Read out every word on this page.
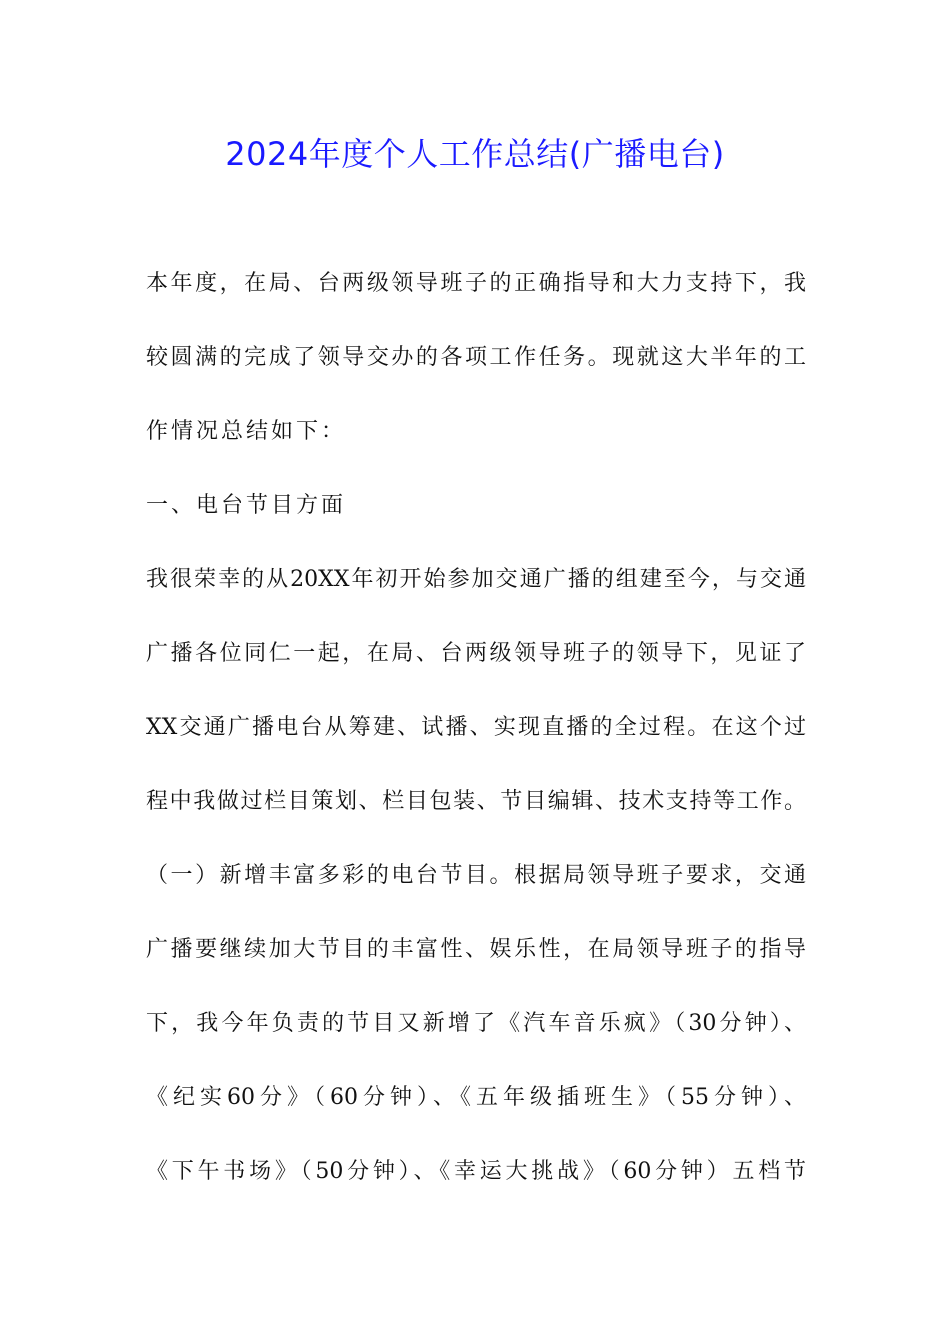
2024年度个人工作总结(广播电台)
本年度，在局、台两级领导班子的正确指导和大力支持下，我
较圆满的完成了领导交办的各项工作任务。现就这大半年的工
作情况总结如下：
一、电台节目方面
我很荣幸的从20XX年初开始参加交通广播的组建至今，与交通
广播各位同仁一起，在局、台两级领导班子的领导下，见证了
XX交通广播电台从筹建、试播、实现直播的全过程。在这个过
程中我做过栏目策划、栏目包装、节目编辑、技术支持等工作。
（一）新增丰富多彩的电台节目。根据局领导班子要求，交通
广播要继续加大节目的丰富性、娱乐性，在局领导班子的指导
下，我今年负责的节目又新增了《汽车音乐疯》（30分钟）、
《纪实60分》（60分钟）、《五年级插班生》（55分钟）、
《下午书场》（50分钟）、《幸运大挑战》（60分钟）五档节
